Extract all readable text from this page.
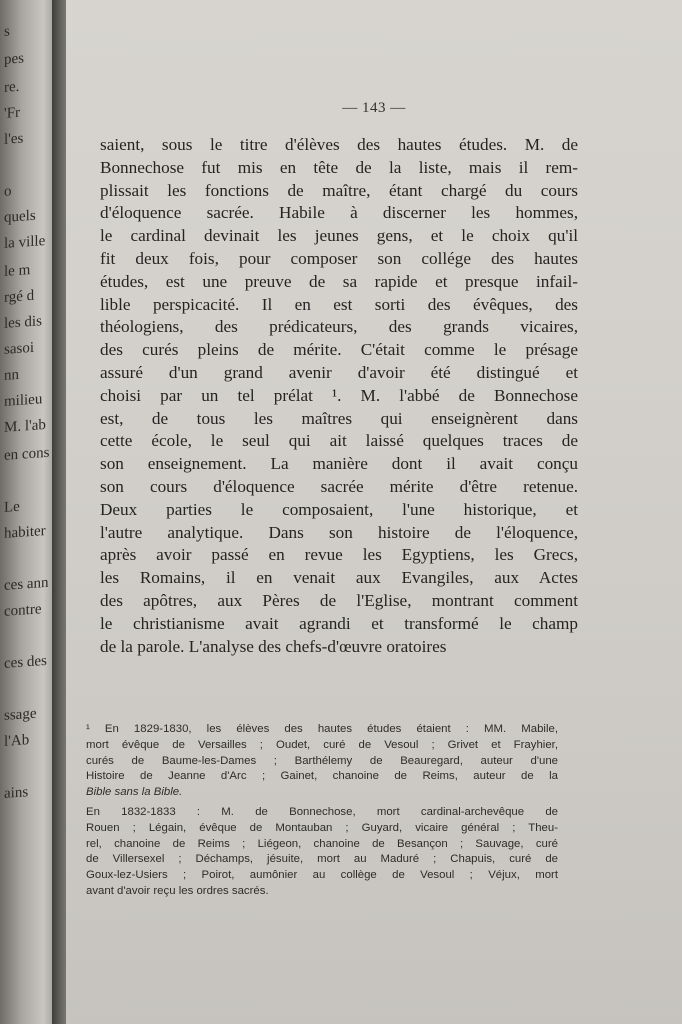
s
pes
re.
'Fr
l'es
o
quels
la ville
le m
rgé d
les dis
sasoi
nn
milieu
M. l'ab
en cons
Le
habiter
ces ann
contre
ces des
ssage
l'Ab
ains
— 143 —
saient, sous le titre d'élèves des hautes études. M. de
Bonnechose fut mis en tête de la liste, mais il rem-
plissait les fonctions de maître, étant chargé du cours
d'éloquence sacrée. Habile à discerner les hommes,
le cardinal devinait les jeunes gens, et le choix qu'il
fit deux fois, pour composer son collége des hautes
études, est une preuve de sa rapide et presque infail-
lible perspicacité. Il en est sorti des évêques, des
théologiens, des prédicateurs, des grands vicaires,
des curés pleins de mérite. C'était comme le présage
assuré d'un grand avenir d'avoir été distingué et
choisi par un tel prélat ¹. M. l'abbé de Bonnechose
est, de tous les maîtres qui enseignèrent dans
cette école, le seul qui ait laissé quelques traces de
son enseignement. La manière dont il avait conçu
son cours d'éloquence sacrée mérite d'être retenue.
Deux parties le composaient, l'une historique, et
l'autre analytique. Dans son histoire de l'éloquence,
après avoir passé en revue les Egyptiens, les Grecs,
les Romains, il en venait aux Evangiles, aux Actes
des apôtres, aux Pères de l'Eglise, montrant comment
le christianisme avait agrandi et transformé le champ
de la parole. L'analyse des chefs-d'œuvre oratoires
¹ En 1829-1830, les élèves des hautes études étaient : MM. Mabile,
mort évêque de Versailles ; Oudet, curé de Vesoul ; Grivet et Frayhier,
curés de Baume-les-Dames ; Barthélemy de Beauregard, auteur d'une
Histoire de Jeanne d'Arc ; Gainet, chanoine de Reims, auteur de la
Bible sans la Bible.
En 1832-1833 : M. de Bonnechose, mort cardinal-archevêque de
Rouen ; Légain, évêque de Montauban ; Guyard, vicaire général ; Theu-
rel, chanoine de Reims ; Liégeon, chanoine de Besançon ; Sauvage, curé
de Villersexel ; Déchamps, jésuite, mort au Maduré ; Chapuis, curé de
Goux-lez-Usiers ; Poirot, aumônier au collège de Vesoul ; Véjux, mort
avant d'avoir reçu les ordres sacrés.
